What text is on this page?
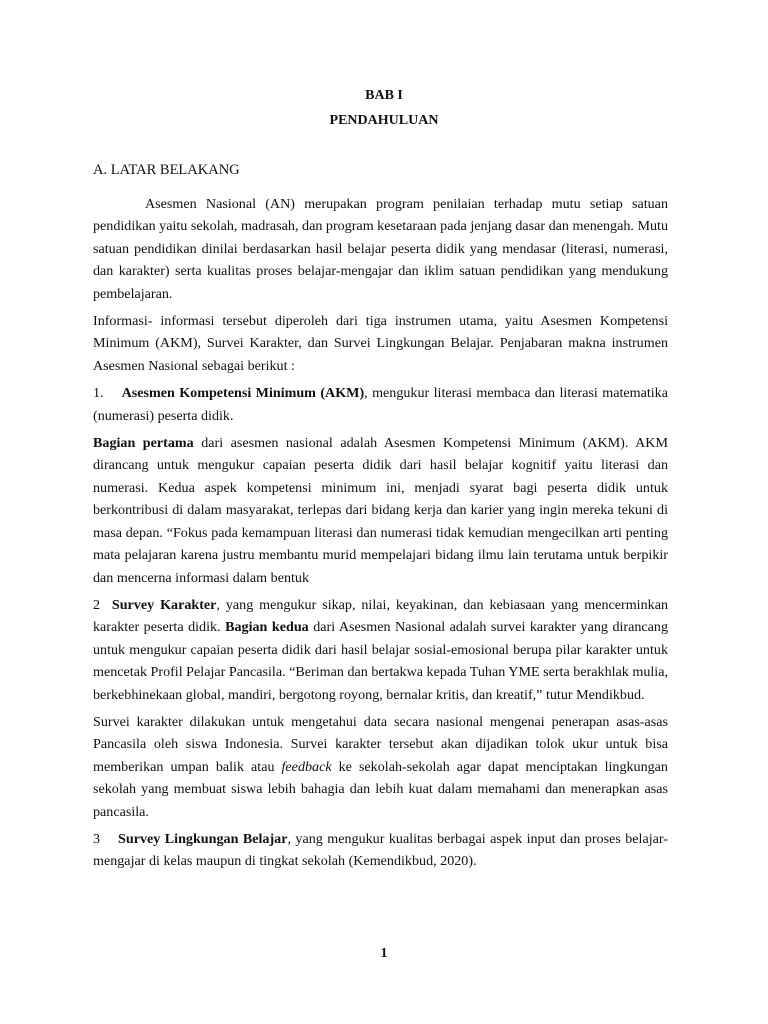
BAB I
PENDAHULUAN
A. LATAR BELAKANG

Asesmen Nasional (AN) merupakan program penilaian terhadap mutu setiap satuan pendidikan yaitu sekolah, madrasah, dan program kesetaraan pada jenjang dasar dan menengah. Mutu satuan pendidikan dinilai berdasarkan hasil belajar peserta didik yang mendasar (literasi, numerasi, dan karakter) serta kualitas proses belajar-mengajar dan iklim satuan pendidikan yang mendukung pembelajaran.

Informasi- informasi tersebut diperoleh dari tiga instrumen utama, yaitu Asesmen Kompetensi Minimum (AKM), Survei Karakter, dan Survei Lingkungan Belajar. Penjabaran makna instrumen Asesmen Nasional sebagai berikut :

1. Asesmen Kompetensi Minimum (AKM), mengukur literasi membaca dan literasi matematika (numerasi) peserta didik.

Bagian pertama dari asesmen nasional adalah Asesmen Kompetensi Minimum (AKM). AKM dirancang untuk mengukur capaian peserta didik dari hasil belajar kognitif yaitu literasi dan numerasi. Kedua aspek kompetensi minimum ini, menjadi syarat bagi peserta didik untuk berkontribusi di dalam masyarakat, terlepas dari bidang kerja dan karier yang ingin mereka tekuni di masa depan. “Fokus pada kemampuan literasi dan numerasi tidak kemudian mengecilkan arti penting mata pelajaran karena justru membantu murid mempelajari bidang ilmu lain terutama untuk berpikir dan mencerna informasi dalam bentuk

2 Survey Karakter, yang mengukur sikap, nilai, keyakinan, dan kebiasaan yang mencerminkan karakter peserta didik. Bagian kedua dari Asesmen Nasional adalah survei karakter yang dirancang untuk mengukur capaian peserta didik dari hasil belajar sosial-emosional berupa pilar karakter untuk mencetak Profil Pelajar Pancasila. “Beriman dan bertakwa kepada Tuhan YME serta berakhlak mulia, berkebhinekaan global, mandiri, bergotong royong, bernalar kritis, dan kreatif,” tutur Mendikbud.

Survei karakter dilakukan untuk mengetahui data secara nasional mengenai penerapan asas-asas Pancasila oleh siswa Indonesia. Survei karakter tersebut akan dijadikan tolok ukur untuk bisa memberikan umpan balik atau feedback ke sekolah-sekolah agar dapat menciptakan lingkungan sekolah yang membuat siswa lebih bahagia dan lebih kuat dalam memahami dan menerapkan asas pancasila.

3 Survey Lingkungan Belajar, yang mengukur kualitas berbagai aspek input dan proses belajar- mengajar di kelas maupun di tingkat sekolah (Kemendikbud, 2020).

1
